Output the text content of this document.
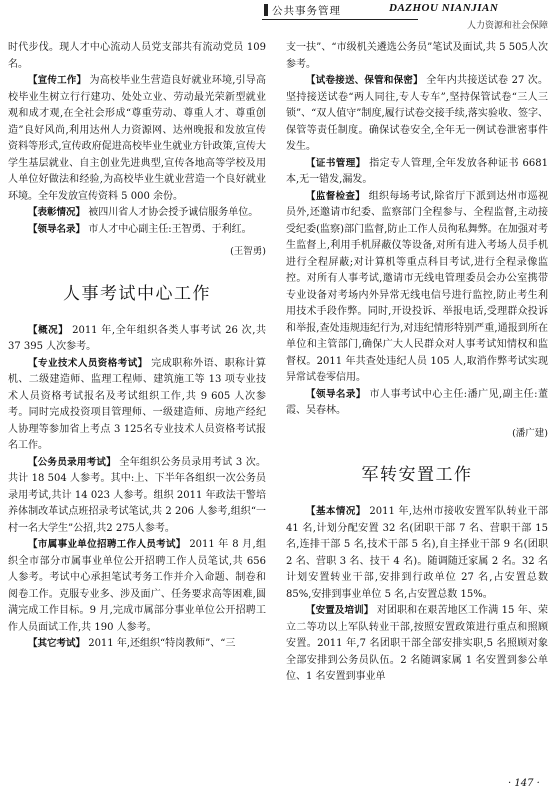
公共事务管理	DAZHOU NIANJIAN
人力资源和社会保障

时代步伐。现人才中心流动人员党支部共有流动党员 109 名。

【宣传工作】 为高校毕业生营造良好就业环境,引导高校毕业生树立行行建功、处处立业、劳动最光荣新型就业观和成才观,在全社会形成“尊重劳动、尊重人才、尊重创造”良好风尚,利用达州人力资源网、达州晚报和发放宣传资料等形式,宣传政府促进高校毕业生就业方针政策,宣传大学生基层就业、自主创业先进典型,宣传各地高等学校及用人单位好做法和经验,为高校毕业生就业营造一个良好就业环境。全年发放宣传资料 5 000 余份。

【表彰情况】 被四川省人才协会授予诚信服务单位。

【领导名录】 市人才中心副主任:王智勇、于利红。

(王智勇)
人事考试中心工作

【概况】 2011 年,全年组织各类人事考试 26 次,共 37 395 人次参考。

【专业技术人员资格考试】 完成职称外语、职称计算机、二级建造师、监理工程师、建筑施工等 13 项专业技术人员资格考试报名及考试组织工作,共 9 605 人次参考。同时完成投资项目管理师、一级建造师、房地产经纪人协理等参加省上考点 3 125名专业技术人员资格考试报名工作。

【公务员录用考试】 全年组织公务员录用考试 3 次。共计 18 504 人参考。其中:上、下半年各组织一次公务员录用考试,共计 14 023 人参考。组织 2011 年政法干警培养体制改革试点班招录考试笔试,共 2 206 人参考,组织“一村一名大学生”公招,共2 275人参考。

【市属事业单位招聘工作人员考试】 2011 年 8 月,组织全市部分市属事业单位公开招聘工作人员笔试,共 656 人参考。考试中心承担笔试考务工作并介入命题、制卷和阅卷工作。克服专业多、涉及面广、任务要求高等困难,圆满完成工作目标。9 月,完成市属部分事业单位公开招聘工作人员面试工作,共 190 人参考。

【其它考试】 2011 年,还组织“特岗教师”、“三

支一扶”、“市级机关遴选公务员”笔试及面试,共 5 505人次参考。

【试卷接送、保管和保密】 全年内共接送试卷 27 次。坚持接送试卷“两人同往,专人专车”,坚持保管试卷“三人三锁”、“双人值守”制度,履行试卷交接手续,落实验收、签字、保管等责任制度。确保试卷安全,全年无一例试卷泄密事件发生。

【证书管理】 指定专人管理,全年发放各种证书 6681 本,无一错发,漏发。

【监督检查】 组织每场考试,除省厅下派到达州市巡视员外,还邀请市纪委、监察部门全程参与、全程监督,主动接受纪委(监察)部门监督,防止工作人员徇私舞弊。在加强对考生监督上,利用手机屏蔽仪等设备,对所有进入考场人员手机进行全程屏蔽;对计算机等重点科目考试,进行全程录像监控。对所有人事考试,邀请市无线电管理委员会办公室携带专业设备对考场内外异常无线电信号进行监控,防止考生利用技术手段作弊。同时,开设投诉、举报电话,受理群众投诉和举报,查处违规违纪行为,对违纪情形特别严重,通报到所在单位和主管部门,确保广大人民群众对人事考试知情权和监督权。2011 年共查处违纪人员 105 人,取消作弊考试实现异常试卷零信用。

【领导名录】 市人事考试中心主任:潘广见,副主任:董霞、吴春林。

(潘广建)
军转安置工作

【基本情况】 2011 年,达州市接收安置军队转业干部 41 名,计划分配安置 32 名(团职干部 7 名、营职干部 15 名,连排干部 5 名,技术干部 5 名),自主择业干部 9 名(团职 2 名、营职 3 名、技干 4 名)。随调随迁家属 2 名。32 名计划安置转业干部,安排到行政单位 27 名,占安置总数 85%,安排到事业单位 5 名,占安置总数 15%。

【安置及培训】 对团职和在艰苦地区工作满 15 年、荣立二等功以上军队转业干部,按照安置政策进行重点和照顾安置。2011 年,7 名团职干部全部安排实职,5 名照顾对象全部安排到公务员队伍。2 名随调家属 1 名安置到参公单位、1 名安置到事业单

· 147 ·
